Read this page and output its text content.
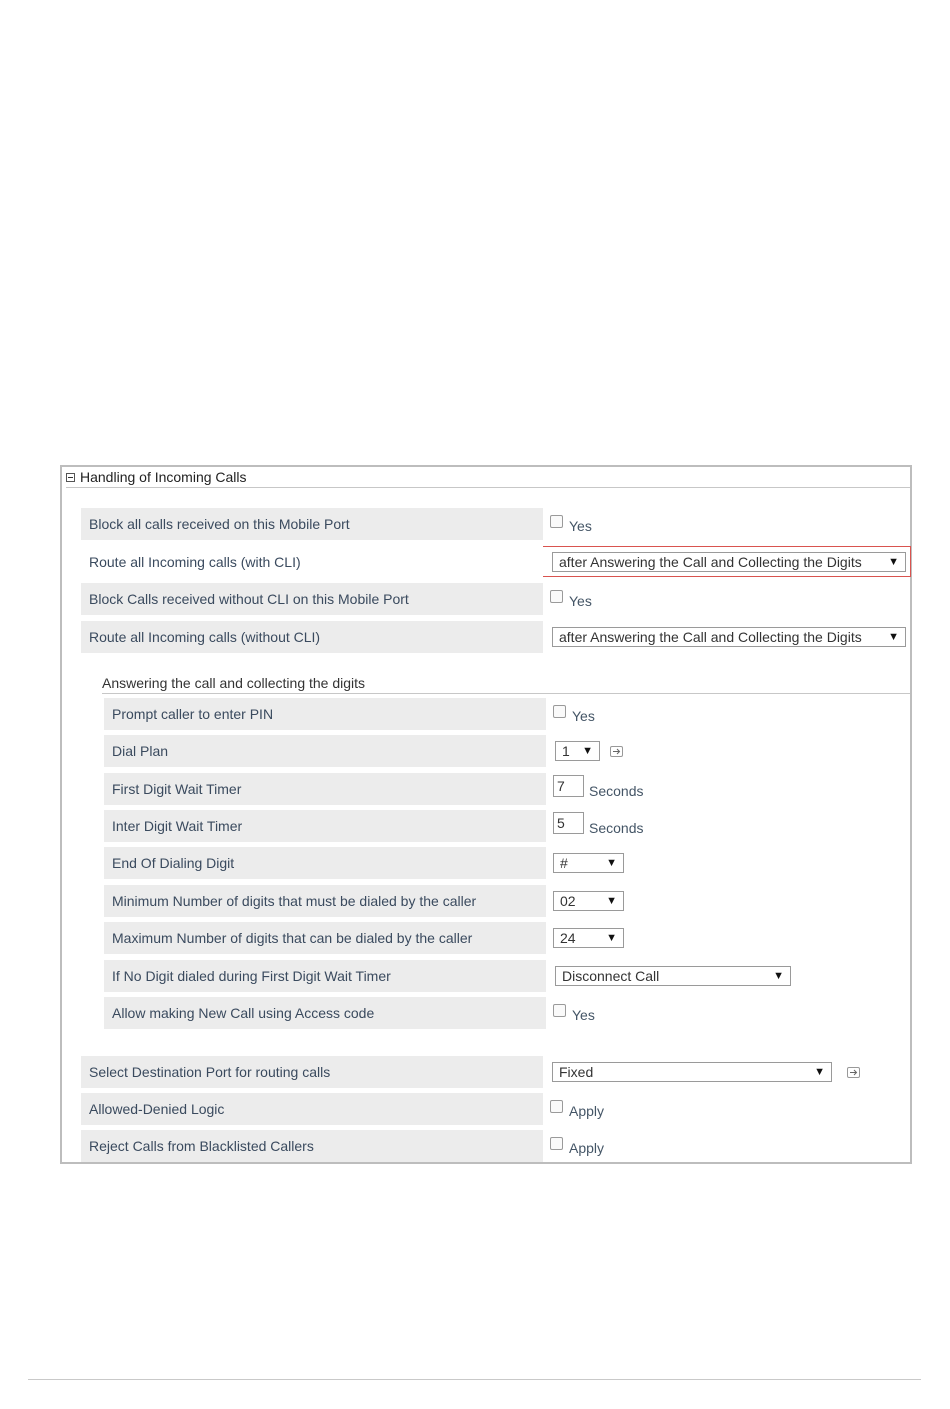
Handling of Incoming Calls
Block all calls received on this Mobile Port	Yes
Route all Incoming calls (with CLI)	after Answering the Call and Collecting the Digits ▼
Block Calls received without CLI on this Mobile Port	Yes
Route all Incoming calls (without CLI)	after Answering the Call and Collecting the Digits ▼
Answering the call and collecting the digits
Prompt caller to enter PIN	Yes
Dial Plan	1 ▼
First Digit Wait Timer	7	Seconds
Inter Digit Wait Timer	5	Seconds
End Of Dialing Digit	#	▼
Minimum Number of digits that must be dialed by the caller	02	▼
Maximum Number of digits that can be dialed by the caller	24	▼
If No Digit dialed during First Digit Wait Timer	Disconnect Call	▼
Allow making New Call using Access code	Yes
Select Destination Port for routing calls	Fixed	▼
Allowed-Denied Logic	Apply
Reject Calls from Blacklisted Callers	Apply
